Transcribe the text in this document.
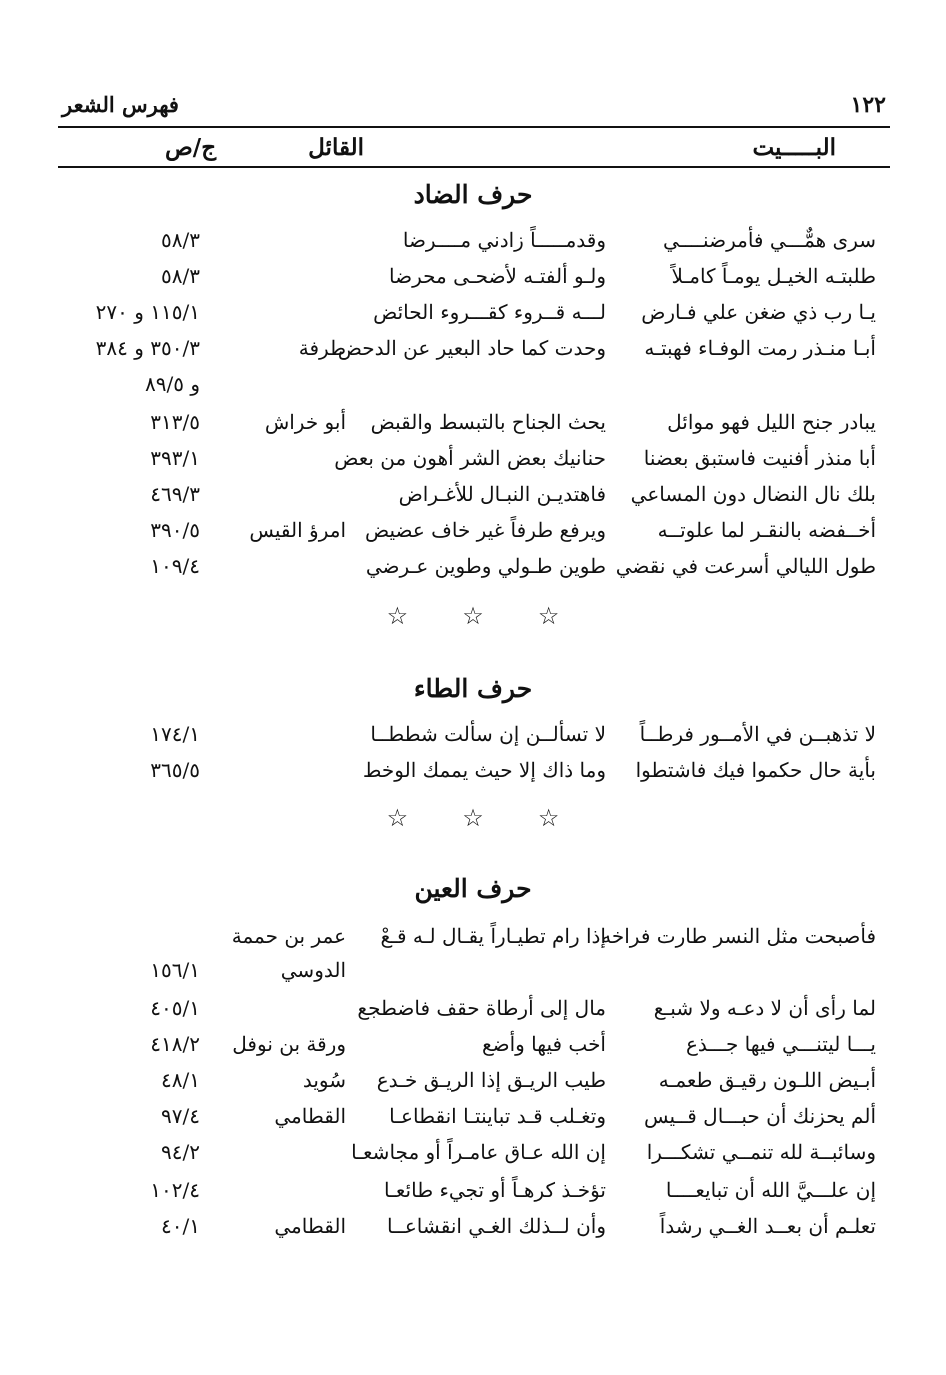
فهرس الشعر	١٢٢
البـــــيت
القائل
ج/ص
حرف الضاد
سرى همٌّـــي فأمرضنــــي
وقدمـــــاً زادني مــــرضا
٥٨/٣
طلبتـه الخيـل يومـاً كامـلاً
ولـو ألفتـه لأضحـى محرضا
٥٨/٣
يـا رب ذي ضغن علي فـارض
لـــه قــروء كقـــروء الحائض
١١٥/١ و ٢٧٠
أبـا منـذر رمت الوفـاء فهبتـه
وحدت كما حاد البعير عن الدحض
طرفة
٣٥٠/٣ و ٣٨٤
و ٨٩/٥
يبادر جنح الليل فهو موائل
يحث الجناح بالتبسط والقبض
أبو خراش
٣١٣/٥
أبا منذر أفنيت فاستبق بعضنا
حنانيك بعض الشر أهون من بعض
٣٩٣/١
بلك نال النضال دون المساعي
فاهتديـن النبـال للأغـراض
٤٦٩/٣
أخــفضه بالنقـر لما علوتــه
ويرفع طرفاً غير خاف عضيض
امرؤ القيس
٣٩٠/٥
طول الليالي أسرعت في نقضي
طوين طـولي وطوين عـرضي
١٠٩/٤
☆ ☆ ☆
حرف الطاء
لا تذهبــن في الأمــور فرطــاً
لا تسألــن إن سألت شططــا
١٧٤/١
بأية حال حكموا فيك فاشتطوا
وما ذاك إلا حيث يممك الوخط
٣٦٥/٥
☆ ☆ ☆
حرف العين
فأصبحت مثل النسر طارت فراخه
إذا رام تطيـاراً يقـال لـه قـعْ
عمر بن حممة
الدوسي
١٥٦/١
لما رأى أن لا دعـه ولا شبـع
مال إلى أرطاة حقف فاضطجع
٤٠٥/١
يـــا ليتنـــي فيها جـــذع
أخب فيها وأضع
ورقة بن نوفل
٤١٨/٢
أبـيض اللـون رقيـق طعمـه
طيب الريـق إذا الريـق خـدع
سُويد
٤٨/١
ألم يحزنك أن حبـــال قــيس
وتغـلب قـد تباينتـا انقطاعـا
القطامي
٩٧/٤
وسائبــة لله تنمــي تشكـــرا
إن الله عـاق عامـراً أو مجاشعـا
٩٤/٢
إن علـــيَّ الله أن تبايعــــا
تؤخـذ كرهـاً أو تجيء طائعـا
١٠٢/٤
تعلـم أن بعــد الغــي رشداً
وأن لــذلك الغـي انقشاعــا
القطامي
٤٠/١
